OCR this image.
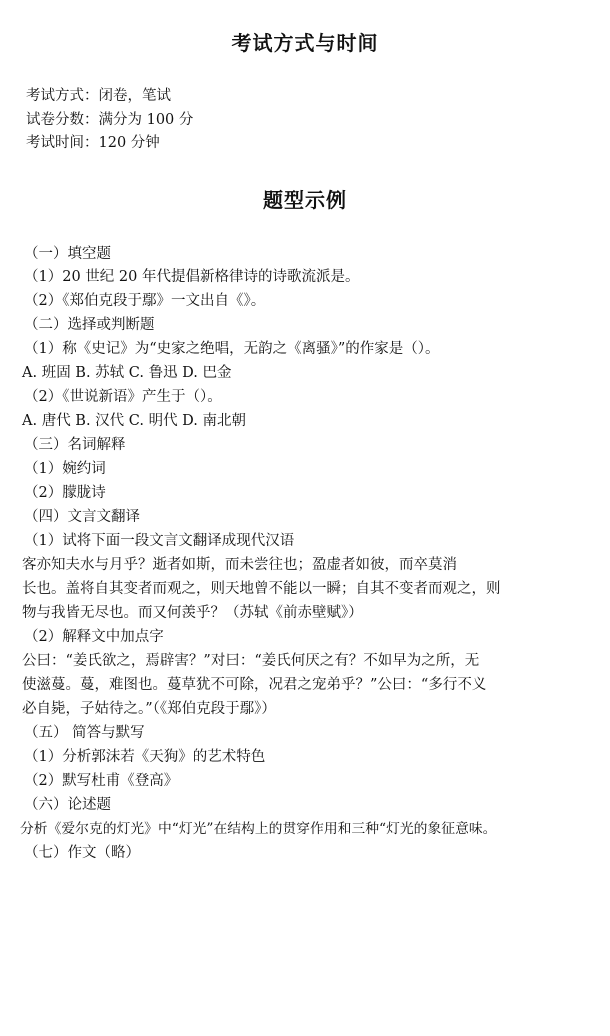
考试方式与时间
考试方式：闭卷，笔试
试卷分数：满分为 100 分
考试时间：120 分钟
题型示例
（一）填空题
（1）20 世纪 20 年代提倡新格律诗的诗歌流派是。
（2）《郑伯克段于鄢》一文出自《》。
（二）选择或判断题
（1）称《史记》为“史家之绝唱，无韵之《离骚》”的作家是（）。
A. 班固 B. 苏轼 C. 鲁迅 D. 巴金
（2）《世说新语》产生于（）。
A. 唐代 B. 汉代 C. 明代 D. 南北朝
（三）名词解释
（1）婉约词
（2）朦胧诗
（四）文言文翻译
（1）试将下面一段文言文翻译成现代汉语
客亦知夫水与月乎？逝者如斯，而未尝往也；盈虚者如彼，而卒莫消
长也。盖将自其变者而观之，则天地曾不能以一瞬；自其不变者而观之，则
物与我皆无尽也。而又何羡乎？（苏轼《前赤壁赋》）
（2）解释文中加点字
公曰：“姜氏欲之，焉辟害？”对曰：“姜氏何厌之有？不如早为之所，无
使滋蔓。蔓，难图也。蔓草犹不可除，况君之宠弟乎？”公曰：“多行不义
必自毙，子姑待之。”（《郑伯克段于鄢》）
（五） 简答与默写
（1）分析郭沫若《天狗》的艺术特色
（2）默写杜甫《登高》
（六）论述题
分析《爱尔克的灯光》中“灯光”在结构上的贯穿作用和三种“灯光的象征意味。
（七）作文（略）
